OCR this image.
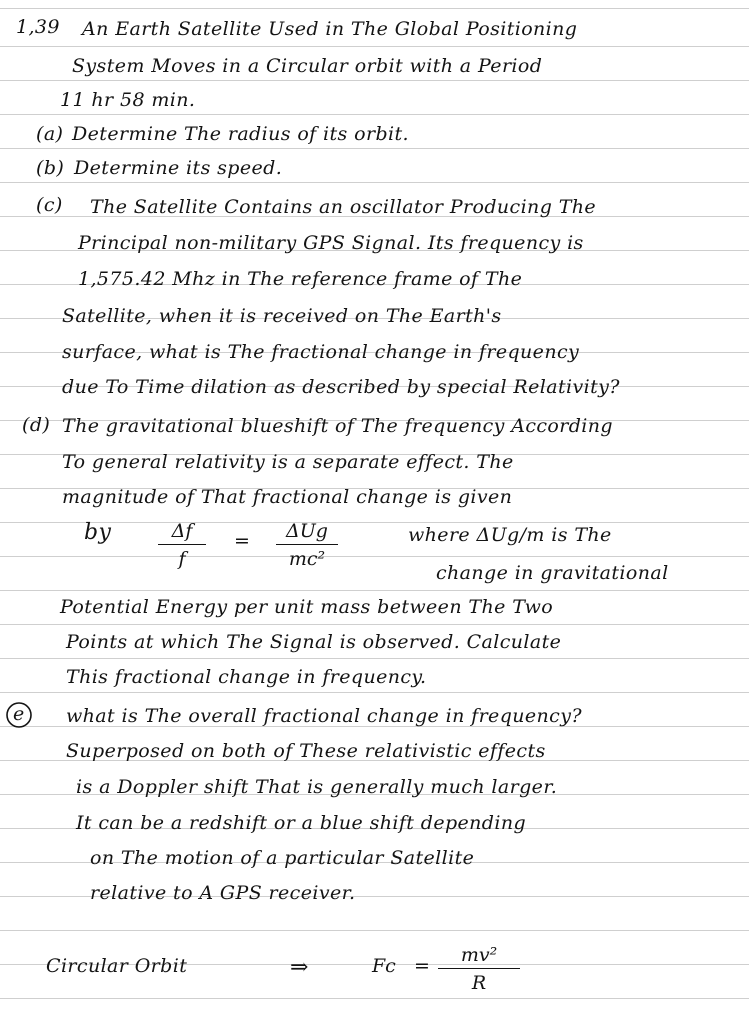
1,39 An Earth Satellite Used in The Global Positioning
System Moves in a Circular orbit with a Period
11 hr 58 min.
(a) Determine The radius of its orbit.
(b) Determine its speed.
(c) The Satellite Contains an oscillator Producing The
Principal non-military GPS Signal. Its frequency is
1,575.42 Mhz in The reference frame of The
Satellite, when it is received on The Earth's
surface, what is The fractional change in frequency
due To Time dilation as described by special Relativity?
(d) The gravitational blueshift of The frequency According
To general relativity is a separate effect. The
magnitude of That fractional change is given
by	Δf
f
=	ΔUg
mc²
where ΔUg/m is The
change in gravitational
Potential Energy per unit mass between The Two
Points at which The Signal is observed. Calculate
This fractional change in frequency.
e what is The overall fractional change in frequency?
Superposed on both of These relativistic effects
is a Doppler shift That is generally much larger.
It can be a redshift or a blue shift depending
on The motion of a particular Satellite
relative to A GPS receiver.
Circular Orbit	⇒	Fc =	mv²
R
